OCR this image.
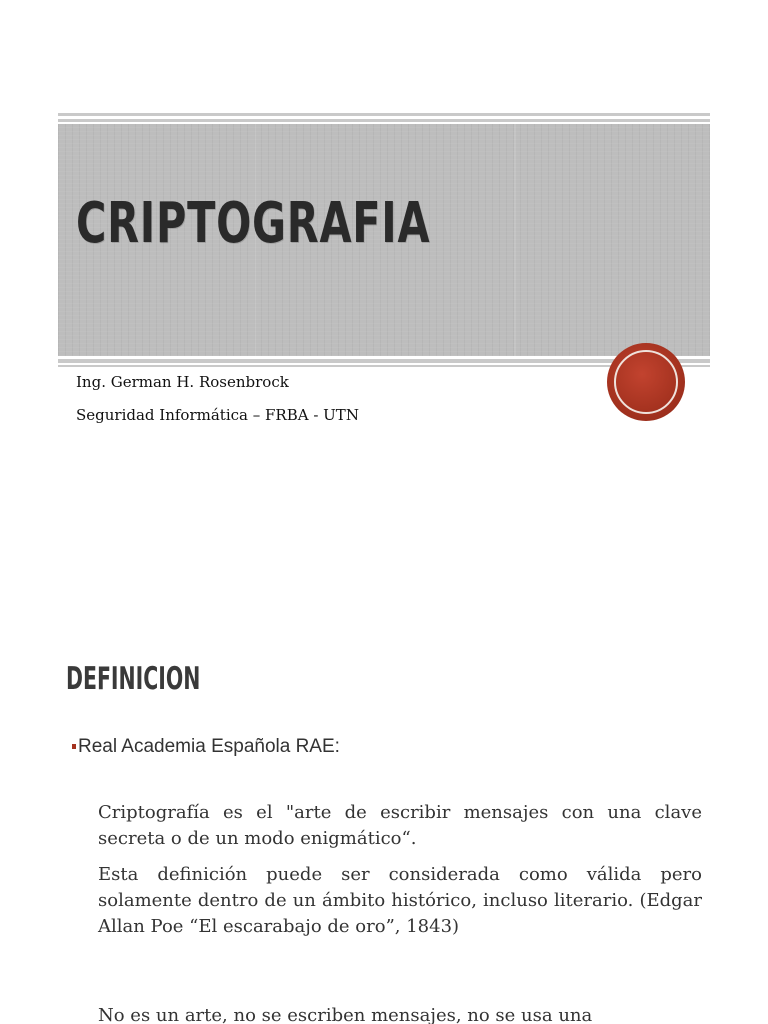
CRIPTOGRAFIA

Ing. German H. Rosenbrock

Seguridad Informática – FRBA - UTN

DEFINICION

Real Academia Española RAE:

Criptografía es el "arte de escribir mensajes con una clave secreta o de un modo enigmático“.

Esta definición puede ser considerada como válida pero solamente dentro de un ámbito histórico, incluso literario. (Edgar Allan Poe “El escarabajo de oro”, 1843)

No es un arte, no se escriben mensajes, no se usa una
